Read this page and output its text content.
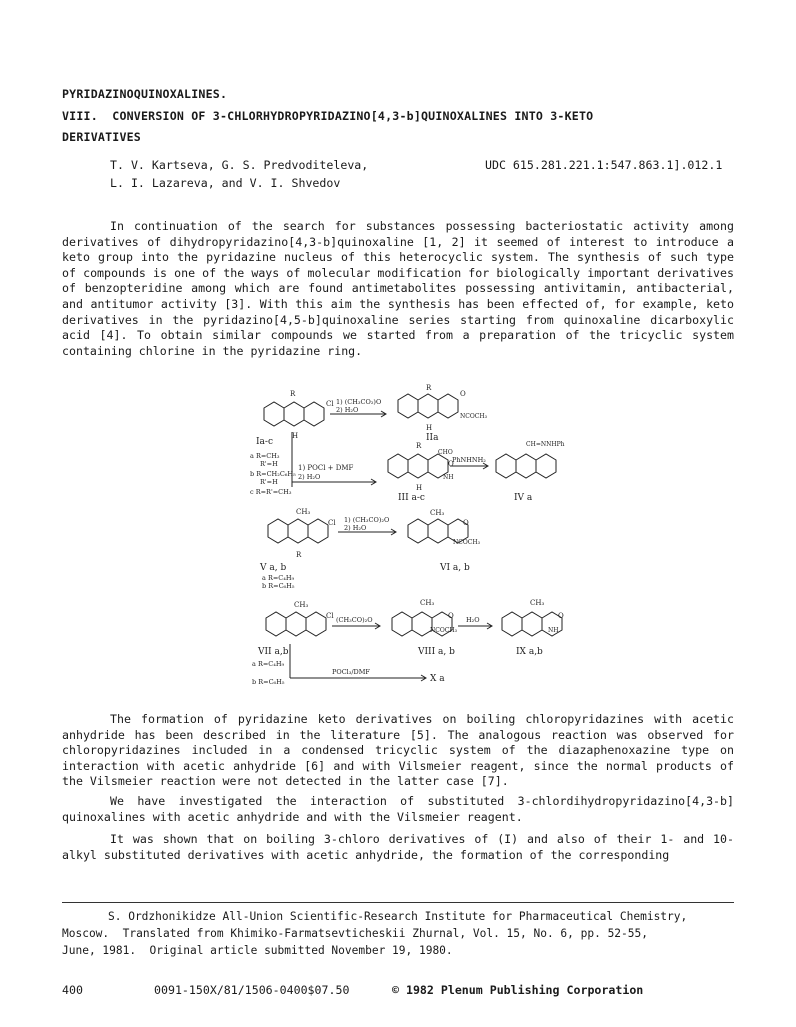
PYRIDAZINOQUINOXALINES.
VIII.  CONVERSION OF 3-CHLORHYDROPYRIDAZINO[4,3-b]QUINOXALINES INTO 3-KETO
DERIVATIVES
T. V. Kartseva, G. S. Predvoditeleva,
L. I. Lazareva, and V. I. Shvedov
UDC 615.281.221.1:547.863.1].012.1

In continuation of the search for substances possessing bacteriostatic activity among derivatives of dihydropyridazino[4,3-b]quinoxaline [1, 2] it seemed of interest to introduce a keto group into the pyridazine nucleus of this heterocyclic system. The synthesis of such type of compounds is one of the ways of molecular modification for biologically important derivatives of benzopteridine among which are found antimetabolites possessing antivitamin, antibacterial, and antitumor activity [3]. With this aim the synthesis has been effected of, for example, keto derivatives in the pyridazino[4,5-b]quinoxaline series starting from quinoxaline dicarboxylic acid [4]. To obtain similar compounds we started from a preparation of the tricyclic system containing chlorine in the pyridazine ring.

R
Cl
H
R
O
NCOCH₃
H
R
CHO
O
NH
H
CH=NNHPh
CH₃
Cl
CH₃
O
NCOCH₃
R
CH₃
Cl
CH₃
O
NCOCH₃
CH₃
O
NH
1) (CH₃CO₂)O
2) H₂O
1) POCl + DMF
2) H₂O
PhNHNH₂
1) (CH₃CO)₂O
2) H₂O
(CH₃CO)₂O	H₂O
POCl₃/DMF
Ia-c	IIa
III a-c	IV a
V a, b	VI a, b
VII a,b	VIII a, b	IX a,b
X a
a R=CH₃
R'=H
b R=CH₂C₆H₅
R'=H
c R=R'=CH₃
a R=C₄H₉
b R=C₆H₅
a R=C₄H₉
b R=C₆H₅

The formation of pyridazine keto derivatives on boiling chloropyridazines with acetic anhydride has been described in the literature [5]. The analogous reaction was observed for chloropyridazines included in a condensed tricyclic system of the diazaphenoxazine type on interaction with acetic anhydride [6] and with Vilsmeier reagent, since the normal products of the Vilsmeier reaction were not detected in the latter case [7].

We have investigated the interaction of substituted 3-chlordihydropyridazino[4,3-b] quinoxalines with acetic anhydride and with the Vilsmeier reagent.

It was shown that on boiling 3-chloro derivatives of (I) and also of their 1- and 10-alkyl substituted derivatives with acetic anhydride, the formation of the corresponding

S. Ordzhonikidze All-Union Scientific-Research Institute for Pharmaceutical Chemistry,
Moscow.  Translated from Khimiko-Farmatsevticheskii Zhurnal, Vol. 15, No. 6, pp. 52-55,
June, 1981.  Original article submitted November 19, 1980.
400	0091-150X/81/1506-0400$07.50	© 1982 Plenum Publishing Corporation
